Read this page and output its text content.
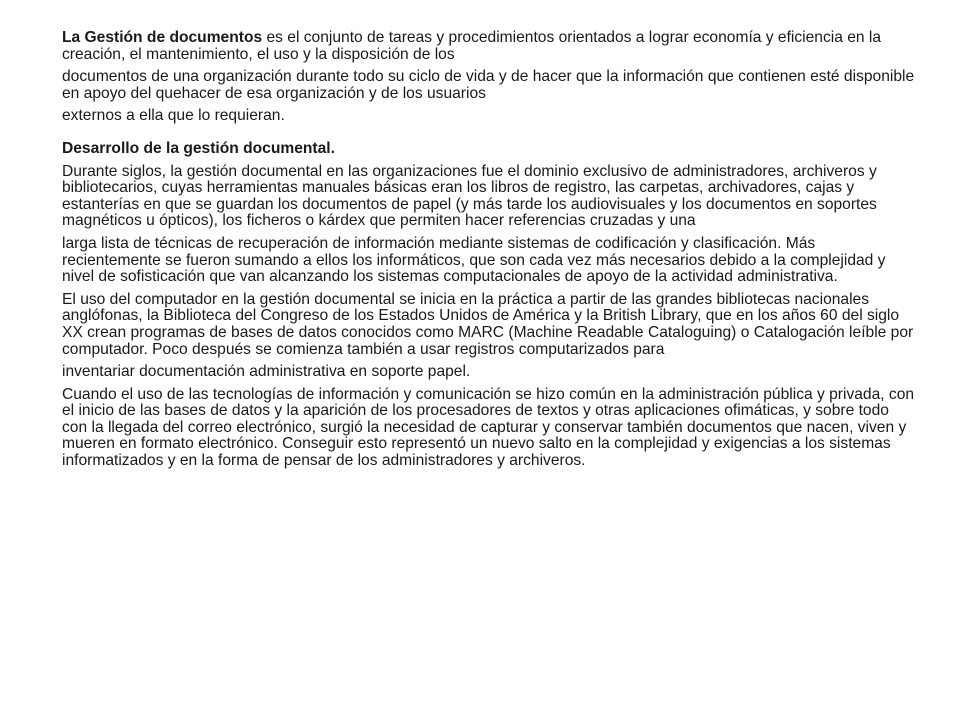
La Gestión de documentos es el conjunto de tareas y procedimientos orientados a lograr economía y eficiencia en la creación, el mantenimiento, el uso y la disposición de los

documentos de una organización durante todo su ciclo de vida y de hacer que la información que contienen esté disponible en apoyo del quehacer de esa organización y de los usuarios

externos a ella que lo requieran.

Desarrollo de la gestión documental.

Durante siglos, la gestión documental en las organizaciones fue el dominio exclusivo de administradores, archiveros y bibliotecarios, cuyas herramientas manuales básicas eran los libros de registro, las carpetas, archivadores, cajas y estanterías en que se guardan los documentos de papel (y más tarde los audiovisuales y los documentos en soportes magnéticos u ópticos), los ficheros o kárdex que permiten hacer referencias cruzadas y una

larga lista de técnicas de recuperación de información mediante sistemas de codificación y clasificación. Más recientemente se fueron sumando a ellos los informáticos, que son cada vez más necesarios debido a la complejidad y nivel de sofisticación que van alcanzando los sistemas computacionales de apoyo de la actividad administrativa.

El uso del computador en la gestión documental se inicia en la práctica a partir de las grandes bibliotecas nacionales anglófonas, la Biblioteca del Congreso de los Estados Unidos de América y la British Library, que en los años 60 del siglo XX crean programas de bases de datos conocidos como MARC (Machine Readable Cataloguing) o Catalogación leíble por computador. Poco después se comienza también a usar registros computarizados para

inventariar documentación administrativa en soporte papel.

Cuando el uso de las tecnologías de información y comunicación se hizo común en la administración pública y privada, con el inicio de las bases de datos y la aparición de los procesadores de textos y otras aplicaciones ofimáticas, y sobre todo con la llegada del correo electrónico, surgió la necesidad de capturar y conservar también documentos que nacen, viven y mueren en formato electrónico. Conseguir esto representó un nuevo salto en la complejidad y exigencias a los sistemas informatizados y en la forma de pensar de los administradores y archiveros.
